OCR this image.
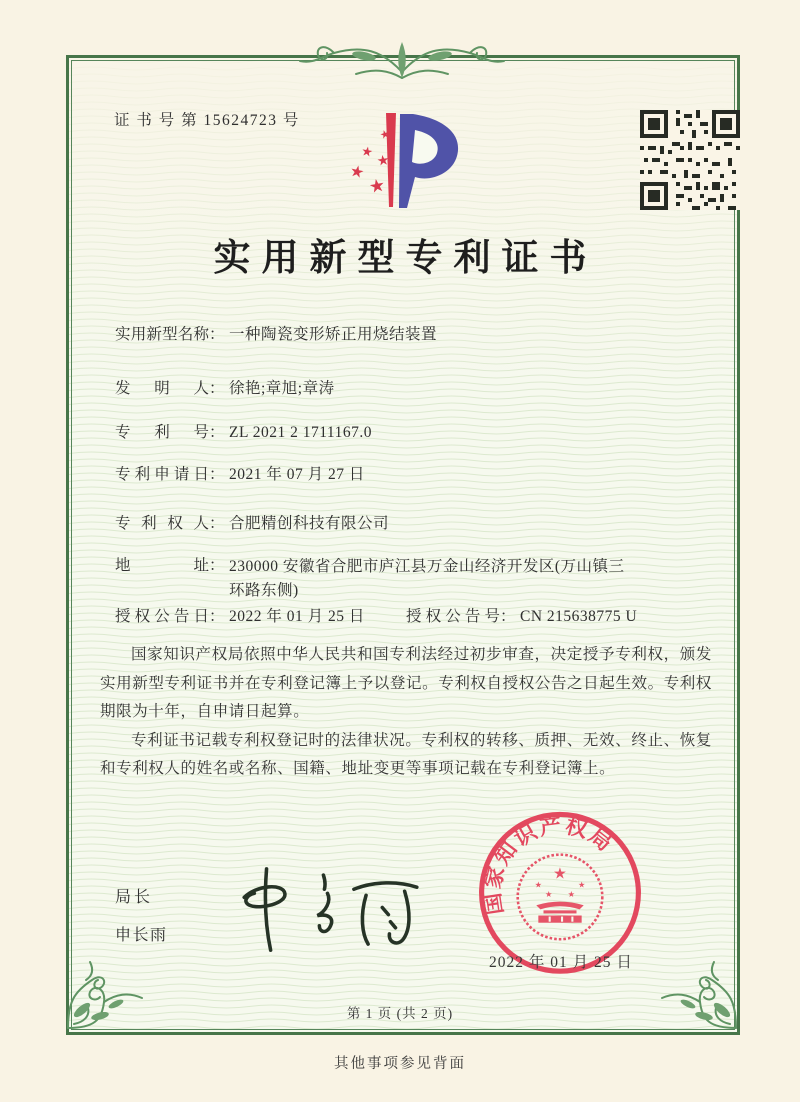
证 书 号 第 15624723 号
★
★ ★
★
★
实用新型专利证书
实用新型名称： 一种陶瓷变形矫正用烧结装置
发明人： 徐艳;章旭;章涛
专利号： ZL 2021 2 1711167.0
专利申请日： 2021 年 07 月 27 日
专利权人： 合肥精创科技有限公司
地址： 230000 安徽省合肥市庐江县万金山经济开发区(万山镇三环路东侧)
授权公告日： 2022 年 01 月 25 日	授权公告号： CN 215638775 U

国家知识产权局依照中华人民共和国专利法经过初步审查，决定授予专利权，颁发实用新型专利证书并在专利登记簿上予以登记。专利权自授权公告之日起生效。专利权期限为十年，自申请日起算。

专利证书记载专利权登记时的法律状况。专利权的转移、质押、无效、终止、恢复和专利权人的姓名或名称、国籍、地址变更等事项记载在专利登记簿上。

局长
申长雨
国家知识产权局
★
★
★ ★
★
2022 年 01 月 25 日
第 1 页 (共 2 页)
其他事项参见背面
